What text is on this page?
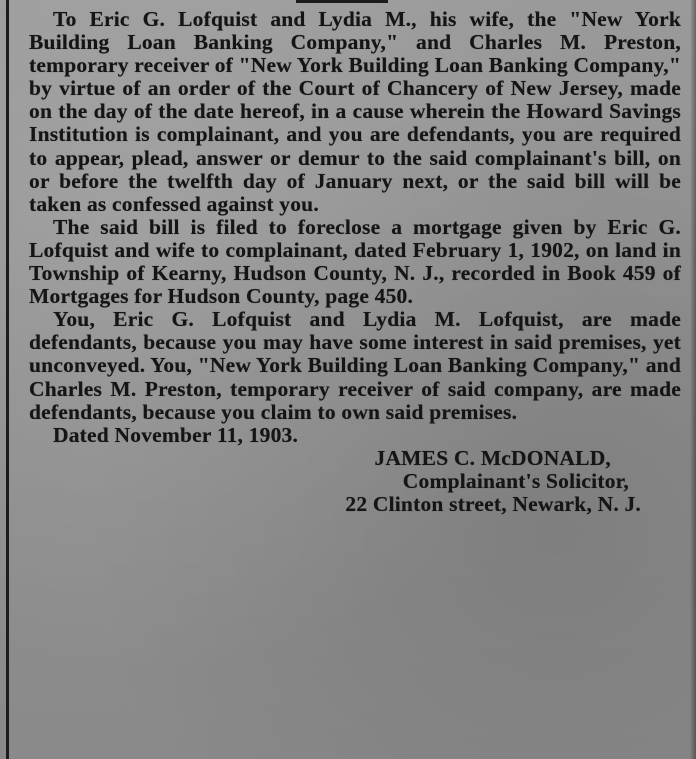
To Eric G. Lofquist and Lydia M., his wife, the "New York Building Loan Banking Company," and Charles M. Preston, temporary receiver of "New York Building Loan Banking Company," by virtue of an order of the Court of Chancery of New Jersey, made on the day of the date hereof, in a cause wherein the Howard Savings Institution is complainant, and you are defendants, you are required to appear, plead, answer or demur to the said complainant's bill, on or before the twelfth day of January next, or the said bill will be taken as confessed against you.

The said bill is filed to foreclose a mortgage given by Eric G. Lofquist and wife to complainant, dated February 1, 1902, on land in Township of Kearny, Hudson County, N. J., recorded in Book 459 of Mortgages for Hudson County, page 450.

You, Eric G. Lofquist and Lydia M. Lofquist, are made defendants, because you may have some interest in said premises, yet unconveyed. You, "New York Building Loan Banking Company," and Charles M. Preston, temporary receiver of said company, are made defendants, because you claim to own said premises.

Dated November 11, 1903.

JAMES C. McDONALD,

Complainant's Solicitor,

22 Clinton street, Newark, N. J.
